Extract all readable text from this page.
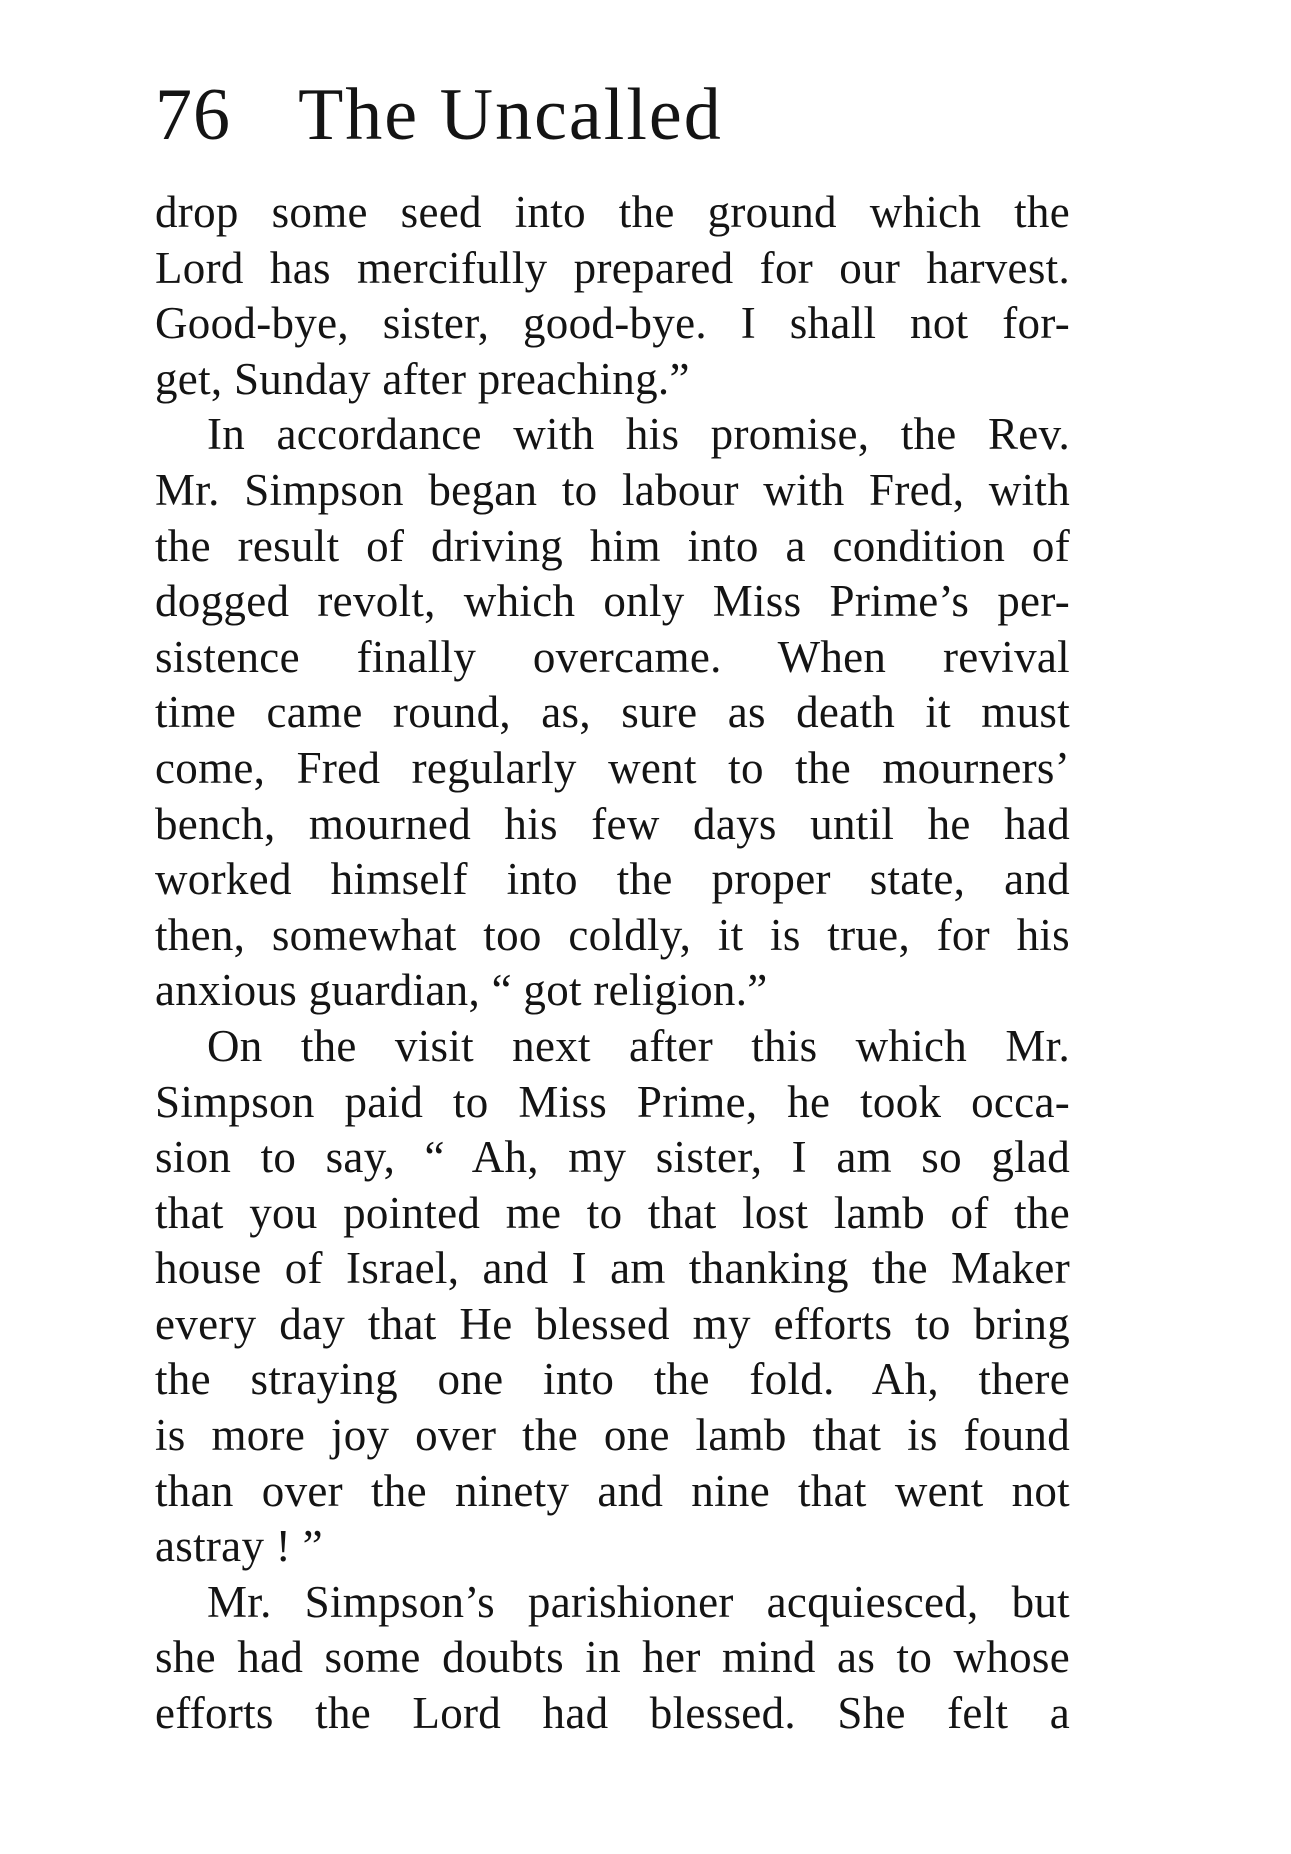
76 The Uncalled
drop some seed into the ground which the
Lord has mercifully prepared for our harvest.
Good-bye, sister, good-bye. I shall not for-
get, Sunday after preaching.”
In accordance with his promise, the Rev.
Mr. Simpson began to labour with Fred, with
the result of driving him into a condition of
dogged revolt, which only Miss Prime’s per-
sistence finally overcame. When revival
time came round, as, sure as death it must
come, Fred regularly went to the mourners’
bench, mourned his few days until he had
worked himself into the proper state, and
then, somewhat too coldly, it is true, for his
anxious guardian, “ got religion.”
On the visit next after this which Mr.
Simpson paid to Miss Prime, he took occa-
sion to say, “ Ah, my sister, I am so glad
that you pointed me to that lost lamb of the
house of Israel, and I am thanking the Maker
every day that He blessed my efforts to bring
the straying one into the fold. Ah, there
is more joy over the one lamb that is found
than over the ninety and nine that went not
astray ! ”
Mr. Simpson’s parishioner acquiesced, but
she had some doubts in her mind as to whose
efforts the Lord had blessed. She felt a
